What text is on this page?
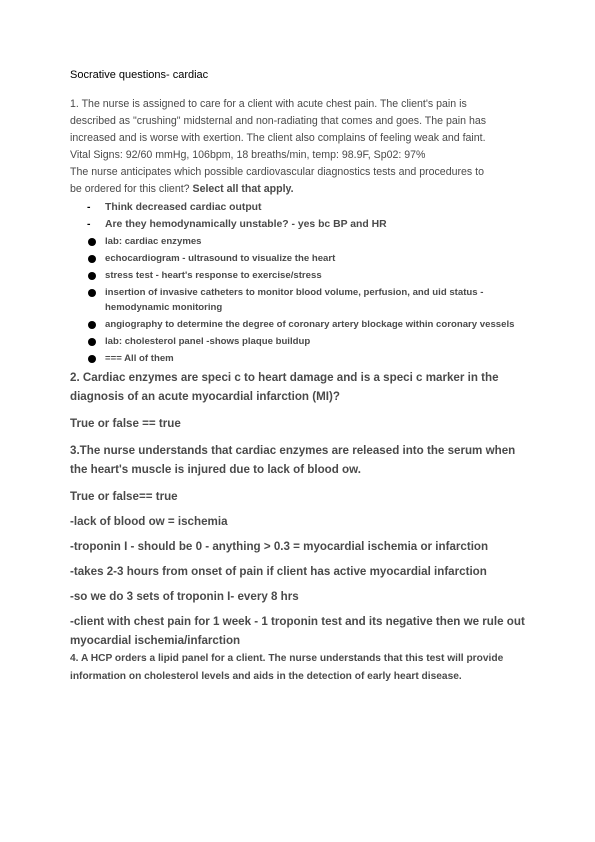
Socrative questions- cardiac

1. The nurse is assigned to care for a client with acute chest pain. The client's pain is

described as "crushing" midsternal and non-radiating that comes and goes. The pain has

increased and is worse with exertion. The client also complains of feeling weak and faint.

Vital Signs: 92/60 mmHg, 106bpm, 18 breaths/min, temp: 98.9F, Sp02: 97%

The nurse anticipates which possible cardiovascular diagnostics tests and procedures to

be ordered for this client? Select all that apply.

- Think decreased cardiac output
- Are they hemodynamically unstable? - yes bc BP and HR
lab: cardiac enzymes
echocardiogram - ultrasound to visualize the heart
stress test - heart's response to exercise/stress
insertion of invasive catheters to monitor blood volume, perfusion, and uid status - hemodynamic monitoring
angiography to determine the degree of coronary artery blockage within coronary vessels
lab: cholesterol panel -shows plaque buildup
=== All of them

2. Cardiac enzymes are speci c to heart damage and is a speci c marker in the diagnosis of an acute myocardial infarction (MI)?

True or false == true

3.The nurse understands that cardiac enzymes are released into the serum when the heart's muscle is injured due to lack of blood ow.

True or false== true

-lack of blood ow = ischemia

-troponin I - should be 0 - anything > 0.3 = myocardial ischemia or infarction

-takes 2-3 hours from onset of pain if client has active myocardial infarction

-so we do 3 sets of troponin I- every 8 hrs

-client with chest pain for 1 week - 1 troponin test and its negative then we rule out myocardial ischemia/infarction

4. A HCP orders a lipid panel for a client. The nurse understands that this test will provide information on cholesterol levels and aids in the detection of early heart disease.
